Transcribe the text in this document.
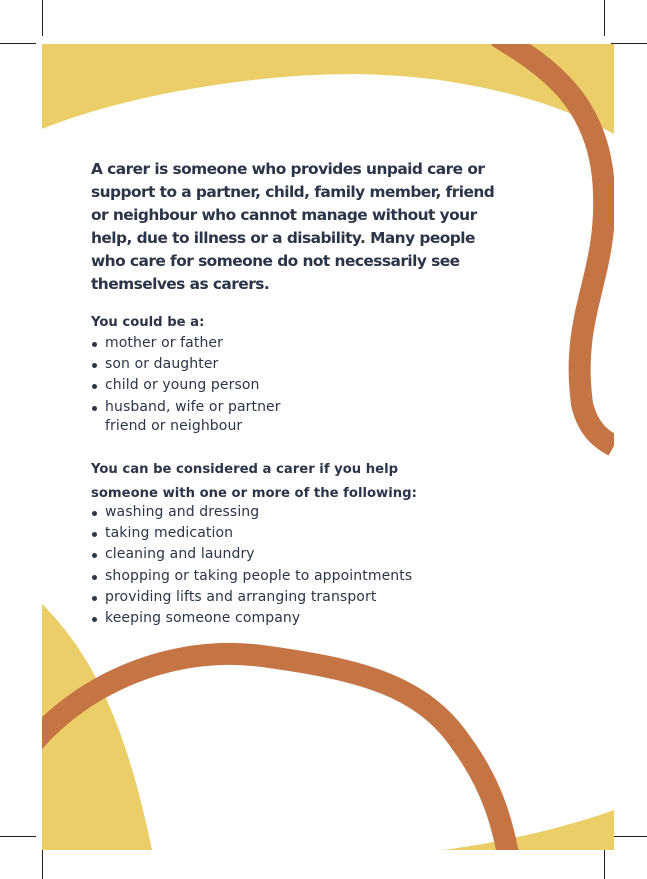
A carer is someone who provides unpaid care or support to a partner, child, family member, friend or neighbour who cannot manage without your help, due to illness or a disability. Many people who care for someone do not necessarily see themselves as carers.

You could be a:

mother or father
son or daughter
child or young person
husband, wife or partner
friend or neighbour

You can be considered a carer if you help someone with one or more of the following:

washing and dressing
taking medication
cleaning and laundry
shopping or taking people to appointments
providing lifts and arranging transport
keeping someone company
